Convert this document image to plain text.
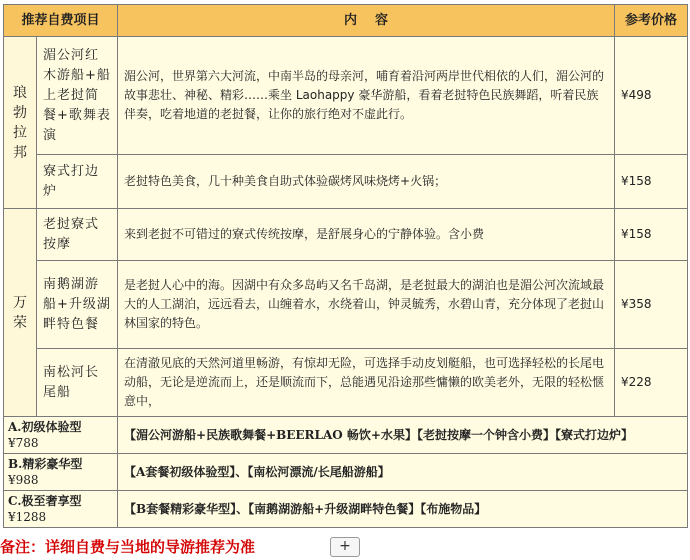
推荐自费项目		内    容	参考价格
琅勃拉邦	湄公河红木游船+船上老挝简餐+歌舞表演	湄公河，世界第六大河流，中南半岛的母亲河，哺育着沿河两岸世代相依的人们，湄公河的故事悲壮、神秘、精彩……乘坐 Laohappy 豪华游船，看着老挝特色民族舞蹈，听着民族伴奏，吃着地道的老挝餐，让你的旅行绝对不虚此行。	¥498
	寮式打边炉	老挝特色美食，几十种美食自助式体验碳烤风味烧烤+火锅；	¥158
万荣	老挝寮式按摩	来到老挝不可错过的寮式传统按摩，是舒展身心的宁静体验。含小费	¥158
	南鹅湖游船+升级湖畔特色餐	是老挝人心中的海。因湖中有众多岛屿又名千岛湖，是老挝最大的湖泊也是湄公河次流域最大的人工湖泊，远远看去，山缠着水，水绕着山，钟灵毓秀，水碧山青，充分体现了老挝山林国家的特色。	¥358
	南松河长尾船	在清澈见底的天然河道里畅游，有惊却无险，可选择手动皮划艇船，也可选择轻松的长尾电动船，无论是逆流而上，还是顺流而下，总能遇见沿途那些慵懒的欧美老外，无限的轻松惬意中，	¥228

A.初级体验型
¥788		【湄公河游船+民族歌舞餐+BEERLAO 畅饮+水果】【老挝按摩一个钟含小费】【寮式打边炉】	

B.精彩豪华型
¥988		【A套餐初级体验型】、【南松河漂流/长尾船游船】	

C.极至奢享型
¥1288		【B套餐精彩豪华型】、【南鹅湖游船+升级湖畔特色餐】【布施物品】	
备注：详细自费与当地的导游推荐为准	+
